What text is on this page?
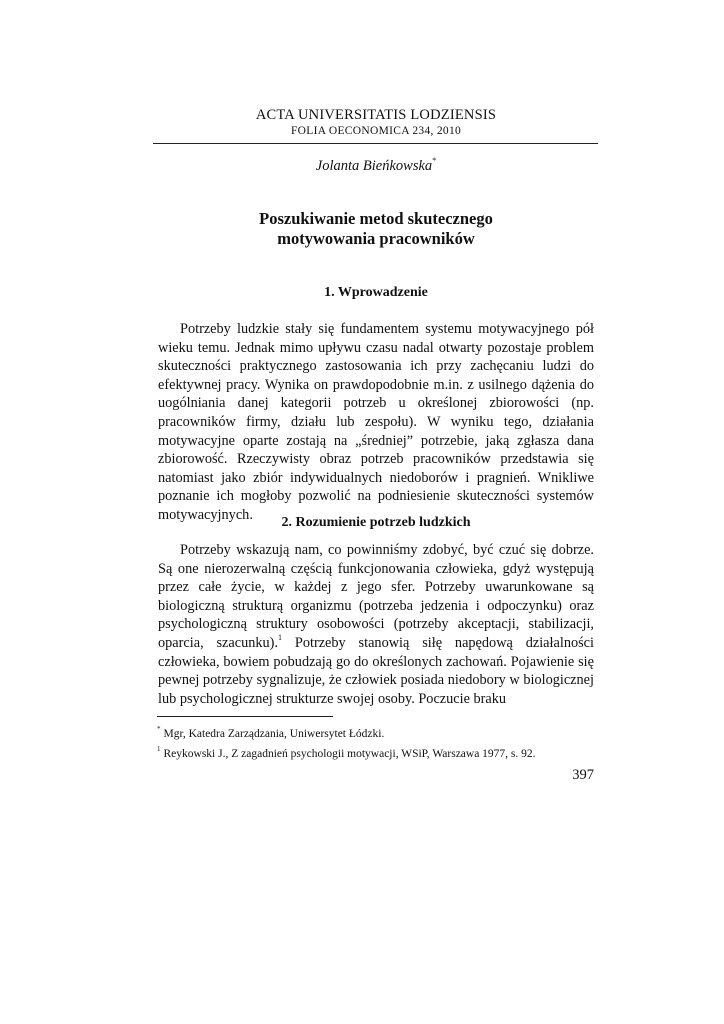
ACTA UNIVERSITATIS LODZIENSIS
FOLIA OECONOMICA 234, 2010
Jolanta Bieńkowska*
Poszukiwanie metod skutecznego
motywowania pracowników
1. Wprowadzenie

Potrzeby ludzkie stały się fundamentem systemu motywacyjnego pół wieku temu. Jednak mimo upływu czasu nadal otwarty pozostaje problem skuteczności praktycznego zastosowania ich przy zachęcaniu ludzi do efektywnej pracy. Wynika on prawdopodobnie m.in. z usilnego dążenia do uogólniania danej kategorii potrzeb u określonej zbiorowości (np. pracowników firmy, działu lub zespołu). W wyniku tego, działania motywacyjne oparte zostają na „średniej” potrzebie, jaką zgłasza dana zbiorowość. Rzeczywisty obraz potrzeb pracowników przedstawia się natomiast jako zbiór indywidualnych niedoborów i pragnień. Wnikliwe poznanie ich mogłoby pozwolić na podniesienie skuteczności systemów motywacyjnych.	2. Rozumienie potrzeb ludzkich

Potrzeby wskazują nam, co powinniśmy zdobyć, być czuć się dobrze. Są one nierozerwalną częścią funkcjonowania człowieka, gdyż występują przez całe życie, w każdej z jego sfer. Potrzeby uwarunkowane są biologiczną strukturą organizmu (potrzeba jedzenia i odpoczynku) oraz psychologiczną struktury osobowości (potrzeby akceptacji, stabilizacji, oparcia, szacunku).$^1$ Potrzeby stanowią siłę napędową działalności człowieka, bowiem pobudzają go do określonych zachowań. Pojawienie się pewnej potrzeby sygnalizuje, że człowiek posiada niedobory w biologicznej lub psychologicznej strukturze swojej osoby. Poczucie braku

* Mgr, Katedra Zarządzania, Uniwersytet Łódzki.
$^1$ Reykowski J., Z zagadnień psychologii motywacji, WSiP, Warszawa 1977, s. 92.
397
